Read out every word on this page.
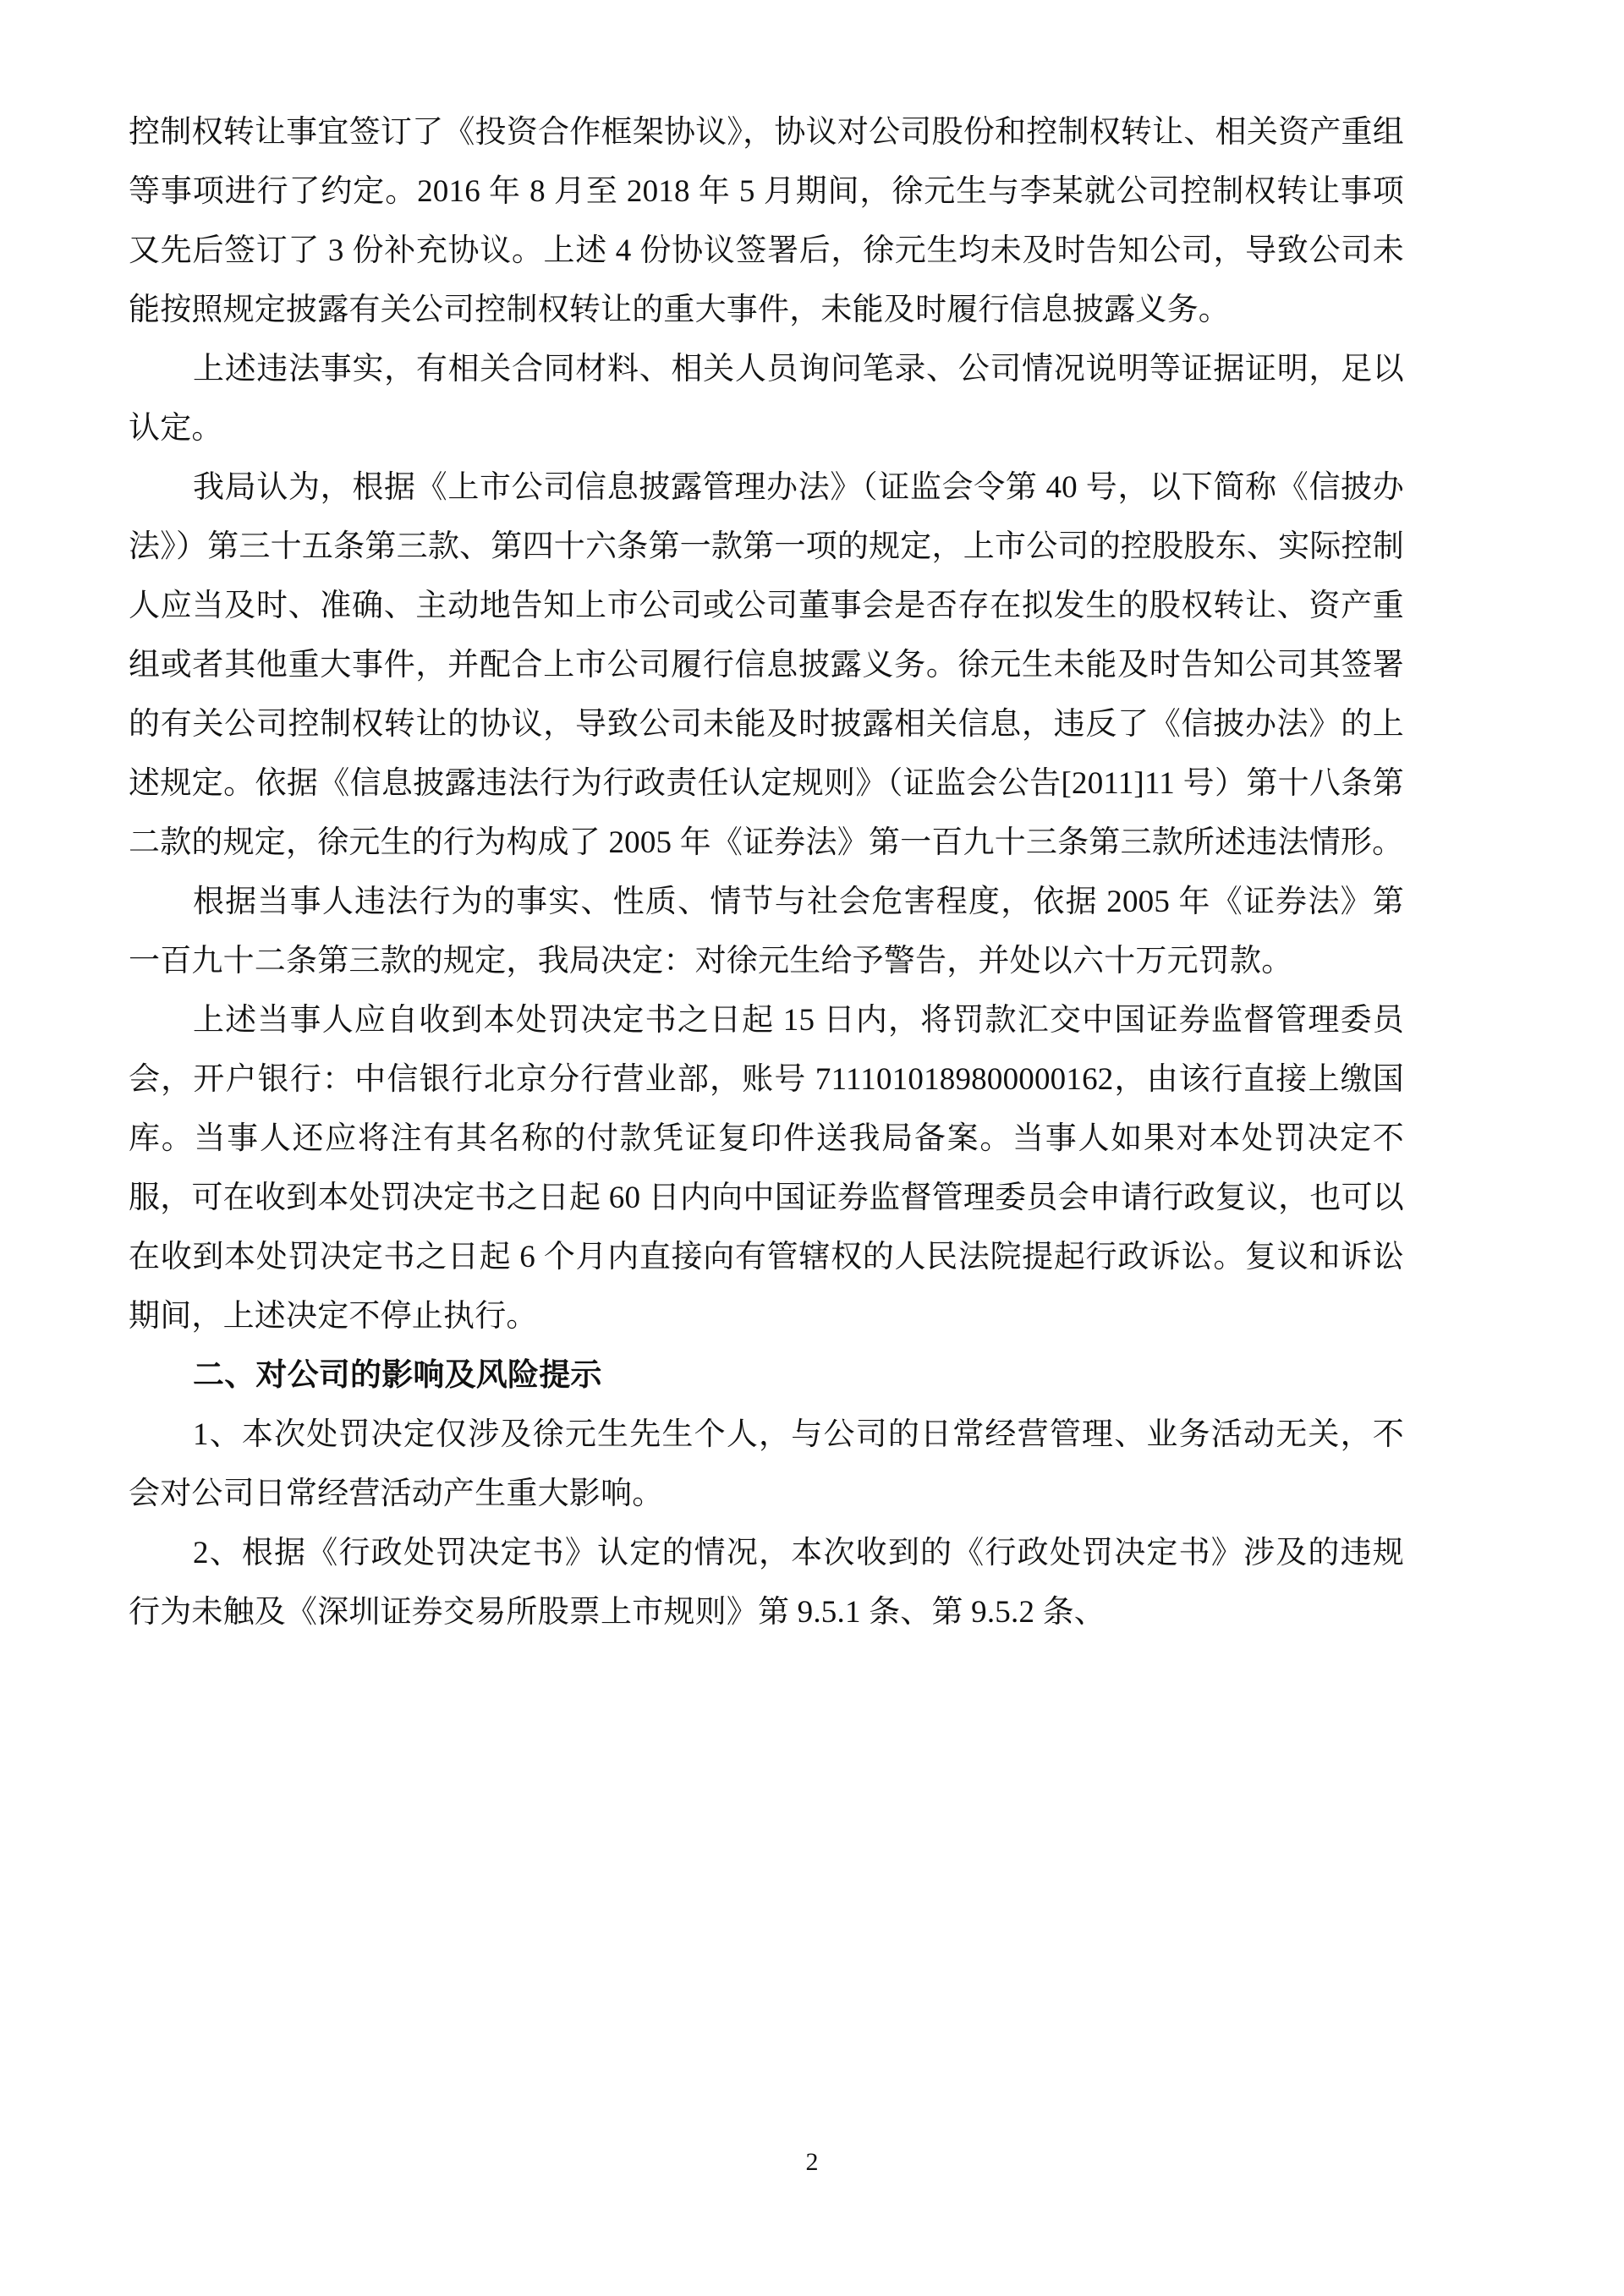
控制权转让事宜签订了《投资合作框架协议》，协议对公司股份和控制权转让、相关资产重组等事项进行了约定。2016 年 8 月至 2018 年 5 月期间，徐元生与李某就公司控制权转让事项又先后签订了 3 份补充协议。上述 4 份协议签署后，徐元生均未及时告知公司，导致公司未能按照规定披露有关公司控制权转让的重大事件，未能及时履行信息披露义务。

上述违法事实，有相关合同材料、相关人员询问笔录、公司情况说明等证据证明，足以认定。

我局认为，根据《上市公司信息披露管理办法》（证监会令第 40 号，以下简称《信披办法》）第三十五条第三款、第四十六条第一款第一项的规定，上市公司的控股股东、实际控制人应当及时、准确、主动地告知上市公司或公司董事会是否存在拟发生的股权转让、资产重组或者其他重大事件，并配合上市公司履行信息披露义务。徐元生未能及时告知公司其签署的有关公司控制权转让的协议，导致公司未能及时披露相关信息，违反了《信披办法》的上述规定。依据《信息披露违法行为行政责任认定规则》（证监会公告[2011]11 号）第十八条第二款的规定，徐元生的行为构成了 2005 年《证券法》第一百九十三条第三款所述违法情形。

根据当事人违法行为的事实、性质、情节与社会危害程度，依据 2005 年《证券法》第一百九十二条第三款的规定，我局决定：对徐元生给予警告，并处以六十万元罚款。

上述当事人应自收到本处罚决定书之日起 15 日内，将罚款汇交中国证券监督管理委员会，开户银行：中信银行北京分行营业部，账号 7111010189800000162，由该行直接上缴国库。当事人还应将注有其名称的付款凭证复印件送我局备案。当事人如果对本处罚决定不服，可在收到本处罚决定书之日起 60 日内向中国证券监督管理委员会申请行政复议，也可以在收到本处罚决定书之日起 6 个月内直接向有管辖权的人民法院提起行政诉讼。复议和诉讼期间，上述决定不停止执行。

二、对公司的影响及风险提示

1、本次处罚决定仅涉及徐元生先生个人，与公司的日常经营管理、业务活动无关，不会对公司日常经营活动产生重大影响。

2、根据《行政处罚决定书》认定的情况，本次收到的《行政处罚决定书》涉及的违规行为未触及《深圳证券交易所股票上市规则》第 9.5.1 条、第 9.5.2 条、

2
